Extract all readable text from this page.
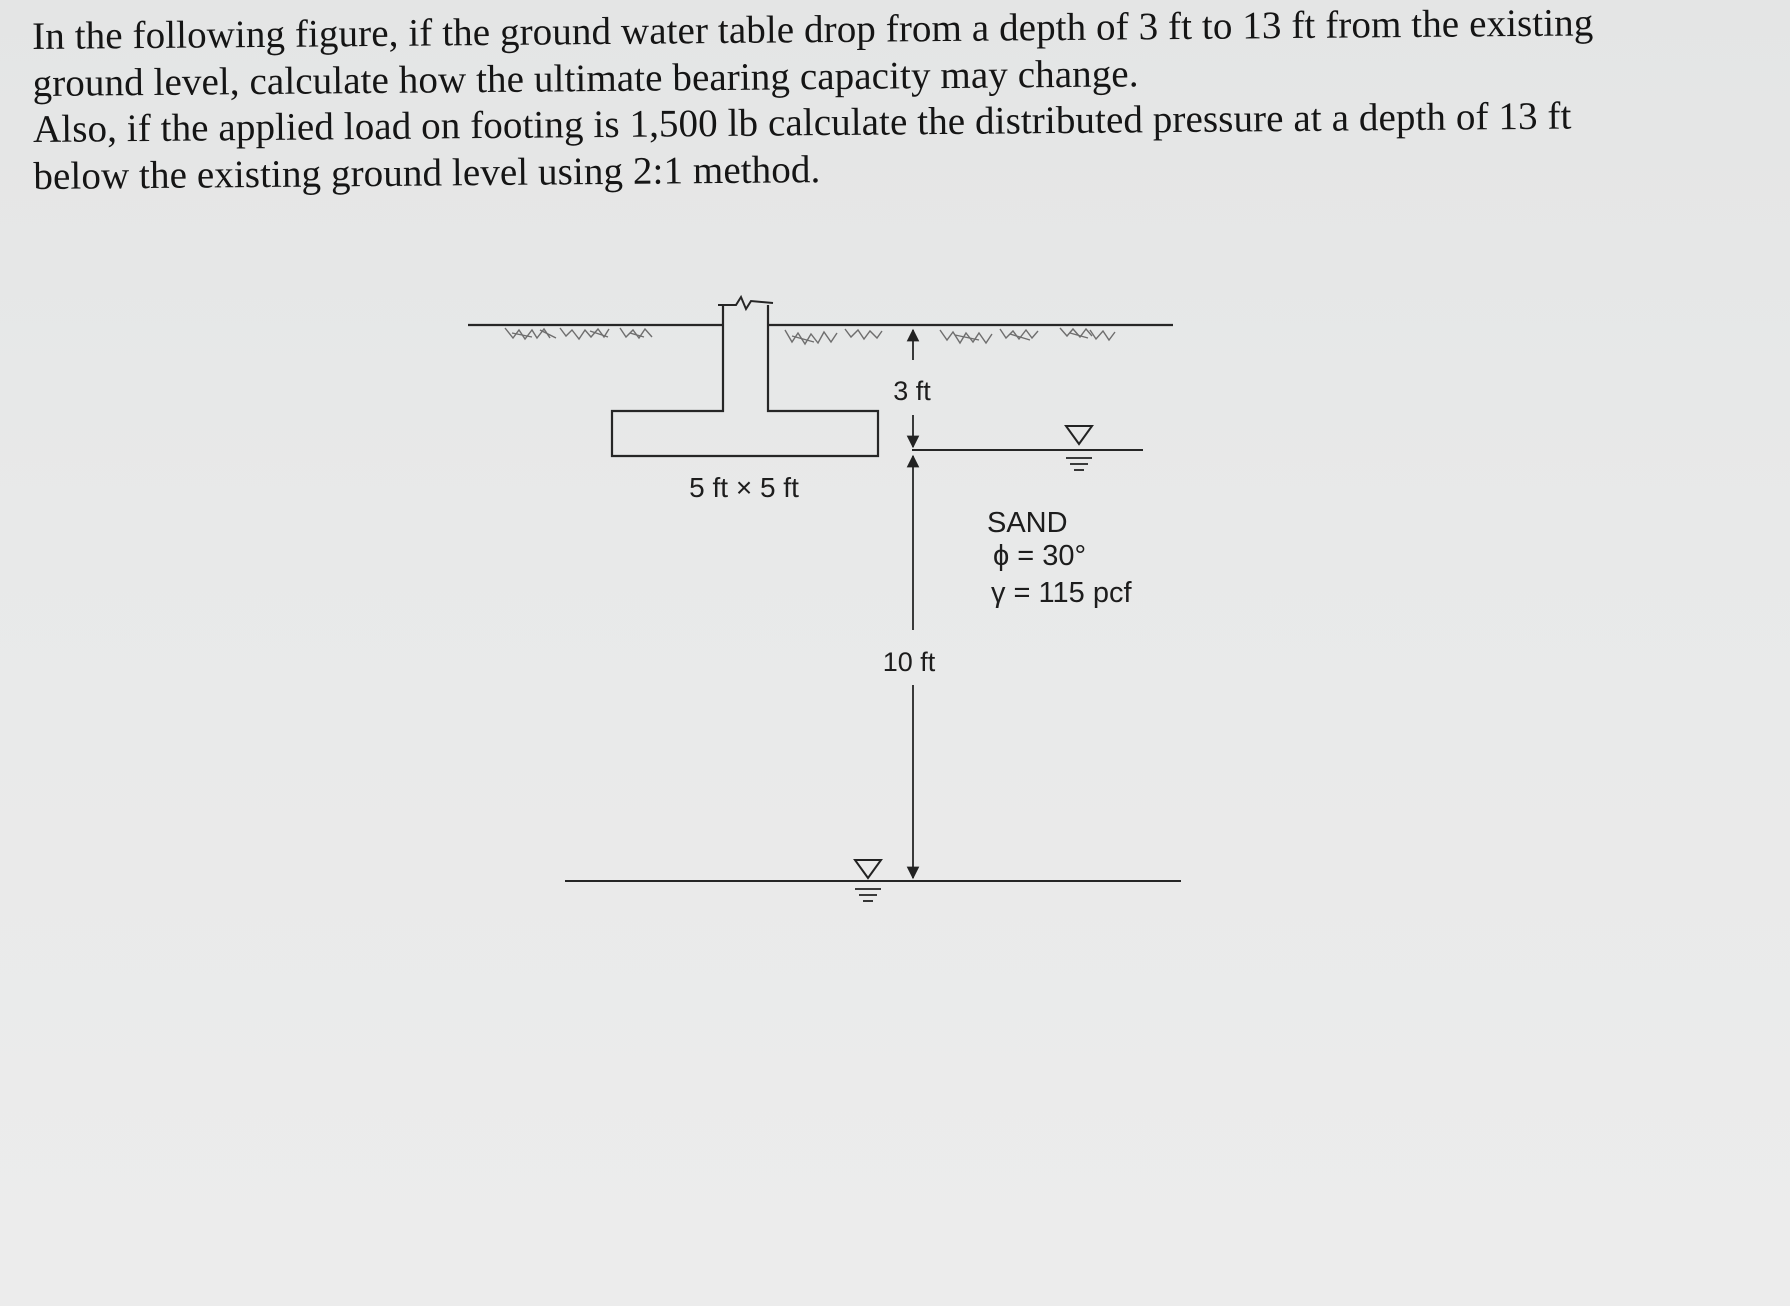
In the following figure, if the ground water table drop from a depth of 3 ft to 13 ft from the existing

ground level, calculate how the ultimate bearing capacity may change.

Also, if the applied load on footing is 1,500 lb calculate the distributed pressure at a depth of 13 ft

below the existing ground level using 2:1 method.

3 ft
10 ft
5 ft × 5 ft
SAND
ϕ = 30°
γ = 115 pcf
